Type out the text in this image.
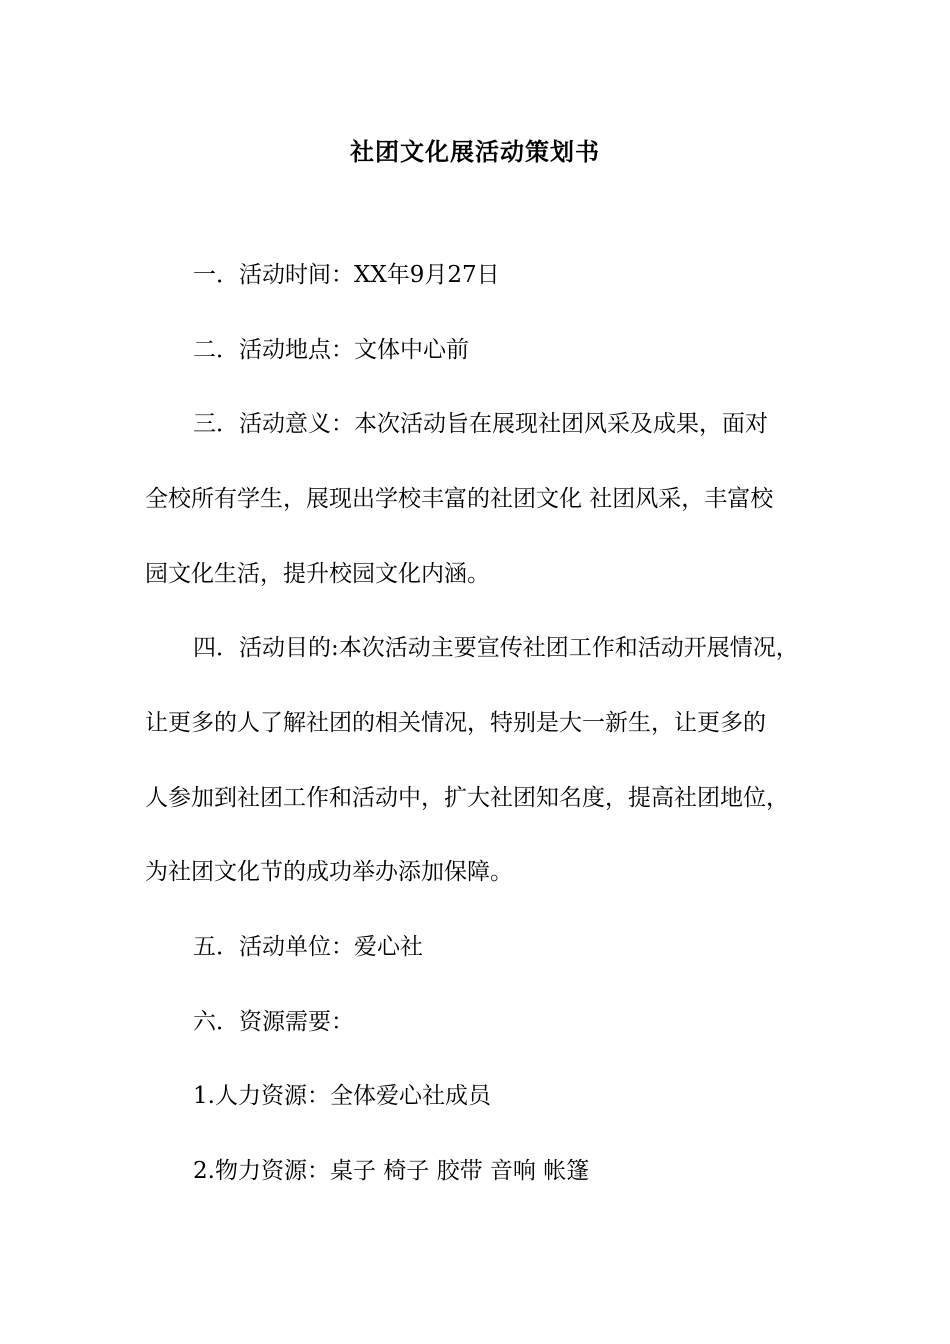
社团文化展活动策划书
一．活动时间：XX年9月27日
二．活动地点：文体中心前
三．活动意义：本次活动旨在展现社团风采及成果，面对
全校所有学生，展现出学校丰富的社团文化 社团风采，丰富校
园文化生活，提升校园文化内涵。
四．活动目的:本次活动主要宣传社团工作和活动开展情况，
让更多的人了解社团的相关情况，特别是大一新生，让更多的
人参加到社团工作和活动中，扩大社团知名度，提高社团地位，
为社团文化节的成功举办添加保障。
五．活动单位：爱心社
六．资源需要：
1.人力资源：全体爱心社成员
2.物力资源：桌子 椅子 胶带 音响 帐篷
